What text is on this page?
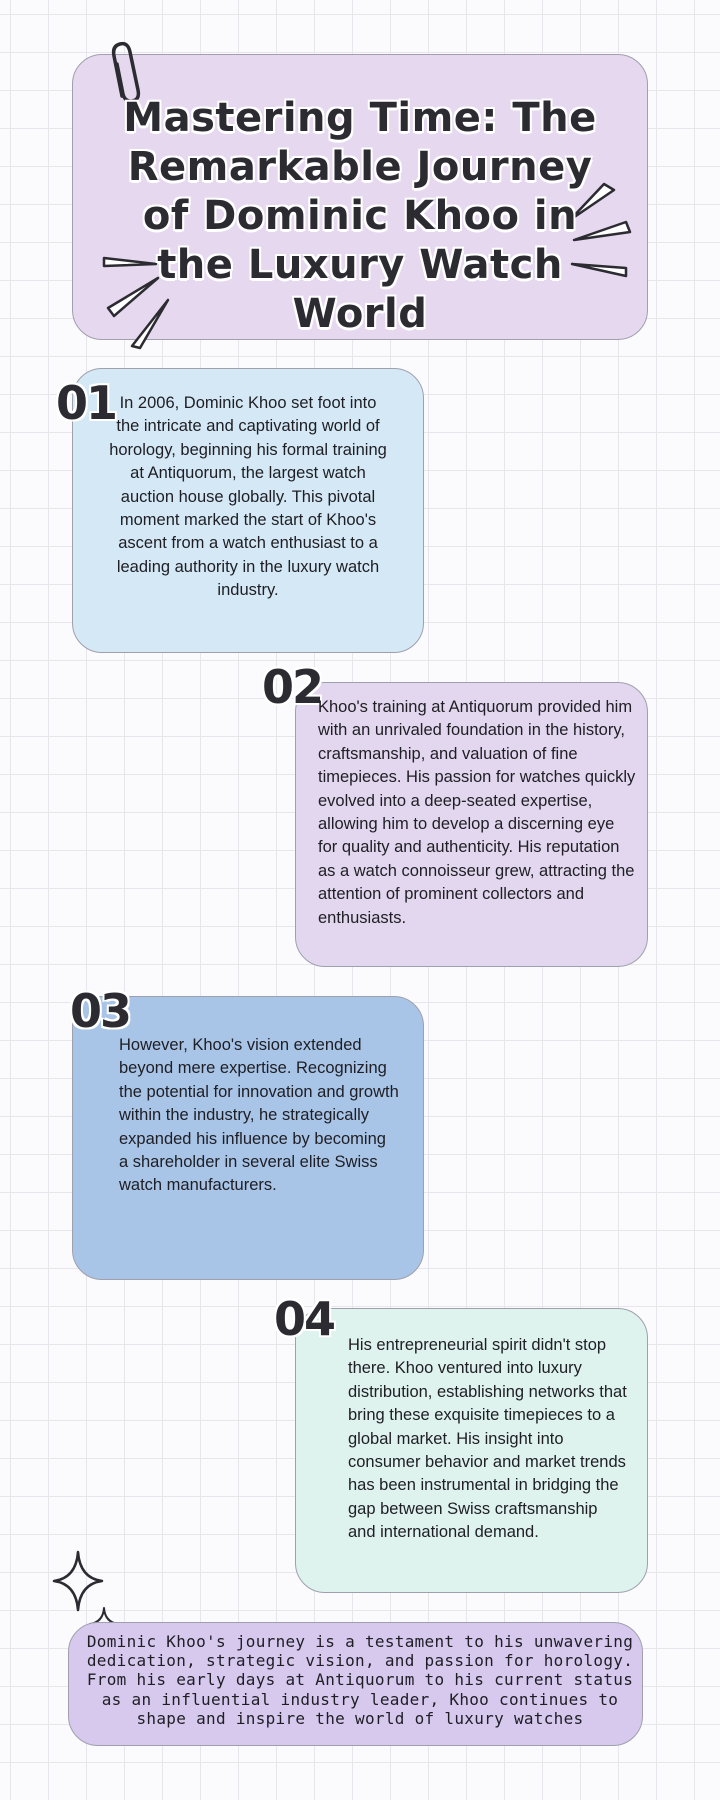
Mastering Time: The Remarkable Journey of Dominic Khoo in the Luxury Watch World
01 In 2006, Dominic Khoo set foot into the intricate and captivating world of horology, beginning his formal training at Antiquorum, the largest watch auction house globally. This pivotal moment marked the start of Khoo's ascent from a watch enthusiast to a leading authority in the luxury watch industry.

02

Khoo's training at Antiquorum provided him with an unrivaled foundation in the history, craftsmanship, and valuation of fine timepieces. His passion for watches quickly evolved into a deep-seated expertise, allowing him to develop a discerning eye for quality and authenticity. His reputation as a watch connoisseur grew, attracting the attention of prominent collectors and enthusiasts.

03

However, Khoo's vision extended beyond mere expertise. Recognizing the potential for innovation and growth within the industry, he strategically expanded his influence by becoming a shareholder in several elite Swiss watch manufacturers.

04 His entrepreneurial spirit didn't stop there. Khoo ventured into luxury distribution, establishing networks that bring these exquisite timepieces to a global market. His insight into consumer behavior and market trends has been instrumental in bridging the gap between Swiss craftsmanship and international demand.

Dominic Khoo's journey is a testament to his unwavering dedication, strategic vision, and passion for horology. From his early days at Antiquorum to his current status as an influential industry leader, Khoo continues to shape and inspire the world of luxury watches
